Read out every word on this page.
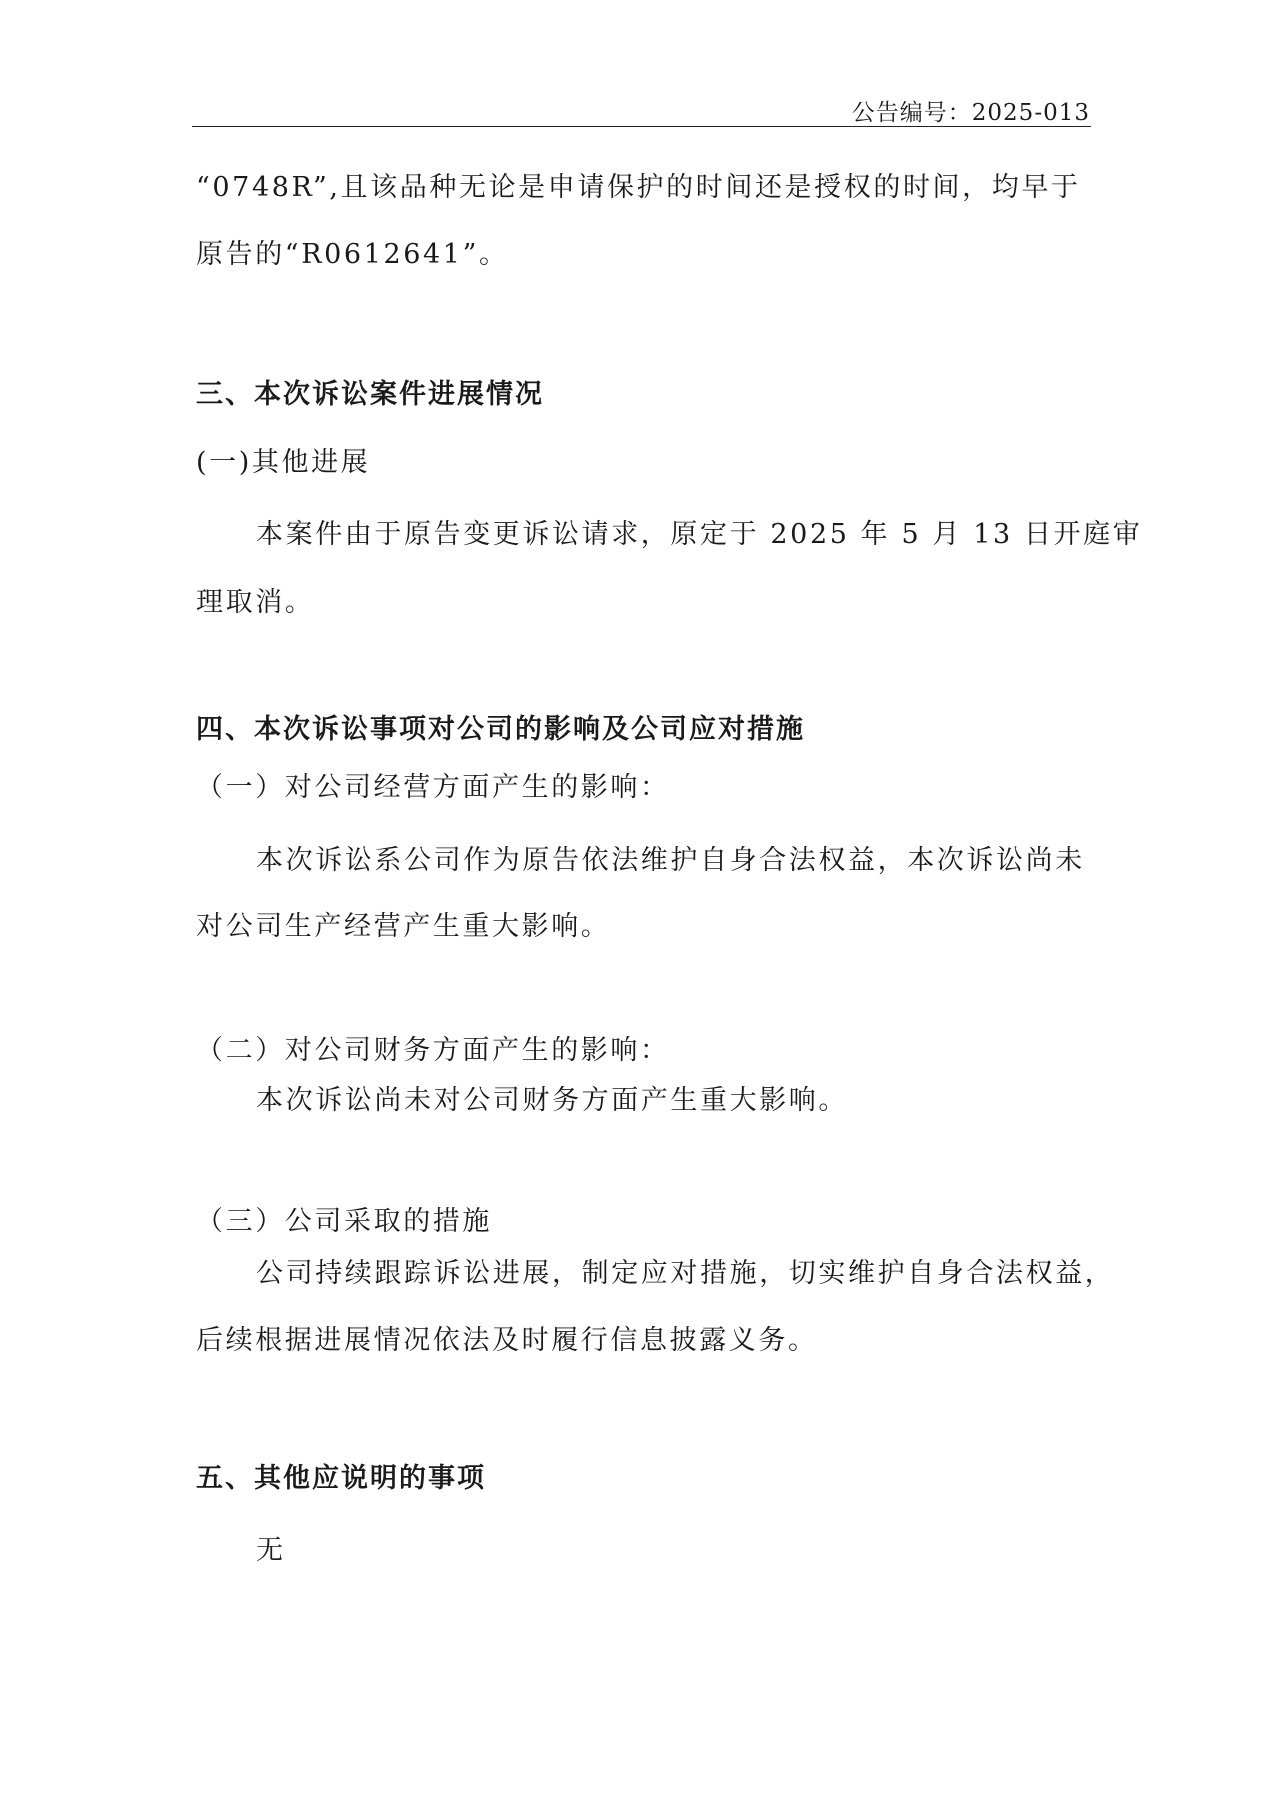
公告编号：2025-013
“0748R”,且该品种无论是申请保护的时间还是授权的时间，均早于
原告的“R0612641”。
三、本次诉讼案件进展情况
(一)其他进展
本案件由于原告变更诉讼请求，原定于 2025 年 5 月 13 日开庭审
理取消。
四、本次诉讼事项对公司的影响及公司应对措施
（一）对公司经营方面产生的影响：
本次诉讼系公司作为原告依法维护自身合法权益，本次诉讼尚未
对公司生产经营产生重大影响。
（二）对公司财务方面产生的影响：
本次诉讼尚未对公司财务方面产生重大影响。
（三）公司采取的措施
公司持续跟踪诉讼进展，制定应对措施，切实维护自身合法权益，
后续根据进展情况依法及时履行信息披露义务。
五、其他应说明的事项
无
